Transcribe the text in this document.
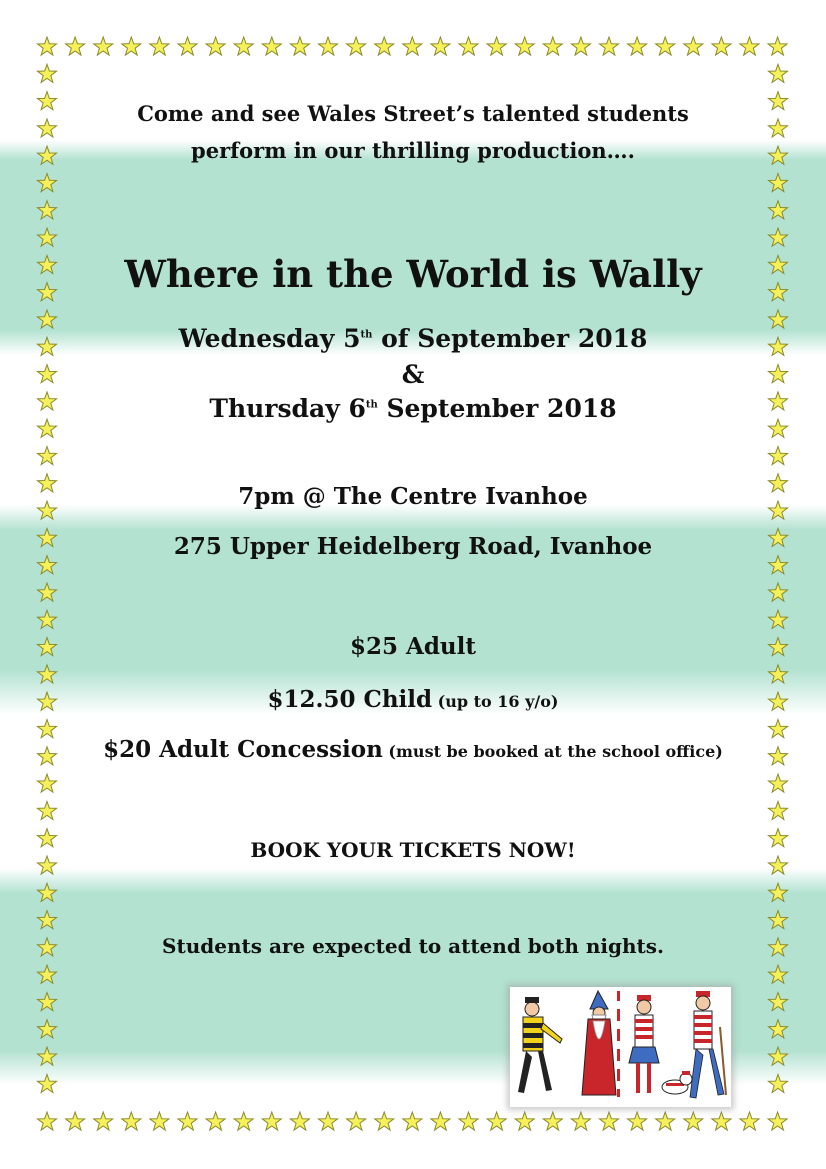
Come and see Wales Street’s talented students
perform in our thrilling production….
Where in the World is Wally
Wednesday 5th of September 2018
&
Thursday 6th September 2018
7pm @ The Centre Ivanhoe
275 Upper Heidelberg Road, Ivanhoe
$25 Adult
$12.50 Child (up to 16 y/o)
$20 Adult Concession (must be booked at the school office)
BOOK YOUR TICKETS NOW!
Students are expected to attend both nights.
